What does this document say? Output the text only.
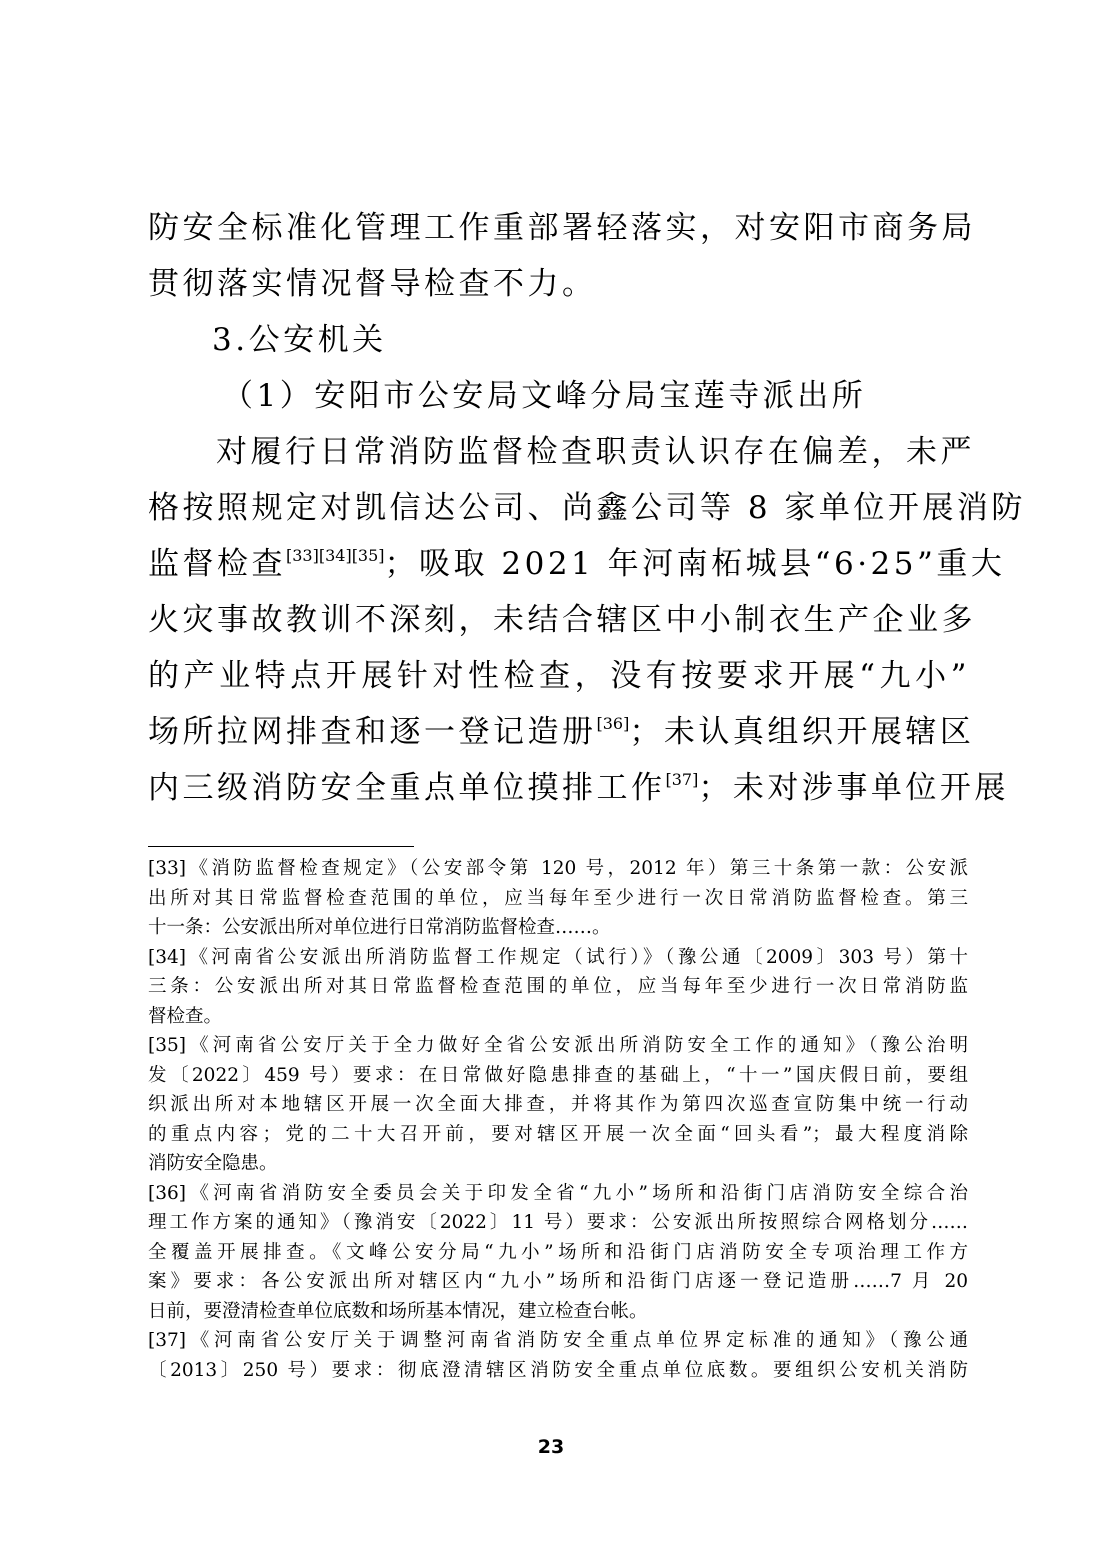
防安全标准化管理工作重部署轻落实，对安阳市商务局
贯彻落实情况督导检查不力。
3.公安机关
（1）安阳市公安局文峰分局宝莲寺派出所
对履行日常消防监督检查职责认识存在偏差，未严
格按照规定对凯信达公司、尚鑫公司等 8 家单位开展消防
监督检查[33][34][35]；吸取 2021 年河南柘城县“6·25”重大
火灾事故教训不深刻，未结合辖区中小制衣生产企业多
的产业特点开展针对性检查，没有按要求开展“九小”
场所拉网排查和逐一登记造册[36]；未认真组织开展辖区
内三级消防安全重点单位摸排工作[37]；未对涉事单位开展
[33]《消防监督检查规定》（公安部令第 120 号，2012 年）第三十条第一款：公安派
出所对其日常监督检查范围的单位，应当每年至少进行一次日常消防监督检查。第三
十一条：公安派出所对单位进行日常消防监督检查……。
[34]《河南省公安派出所消防监督工作规定（试行）》（豫公通〔2009〕303 号）第十
三条：公安派出所对其日常监督检查范围的单位，应当每年至少进行一次日常消防监
督检查。
[35]《河南省公安厅关于全力做好全省公安派出所消防安全工作的通知》（豫公治明
发〔2022〕459 号）要求：在日常做好隐患排查的基础上，“十一”国庆假日前，要组
织派出所对本地辖区开展一次全面大排查，并将其作为第四次巡查宣防集中统一行动
的重点内容；党的二十大召开前，要对辖区开展一次全面“回头看”；最大程度消除
消防安全隐患。
[36]《河南省消防安全委员会关于印发全省“九小”场所和沿街门店消防安全综合治
理工作方案的通知》（豫消安〔2022〕11 号）要求：公安派出所按照综合网格划分……
全覆盖开展排查。《文峰公安分局“九小”场所和沿街门店消防安全专项治理工作方
案》要求：各公安派出所对辖区内“九小”场所和沿街门店逐一登记造册……7 月 20
日前，要澄清检查单位底数和场所基本情况，建立检查台帐。
[37]《河南省公安厅关于调整河南省消防安全重点单位界定标准的通知》（豫公通
〔2013〕250 号）要求：彻底澄清辖区消防安全重点单位底数。要组织公安机关消防
23
